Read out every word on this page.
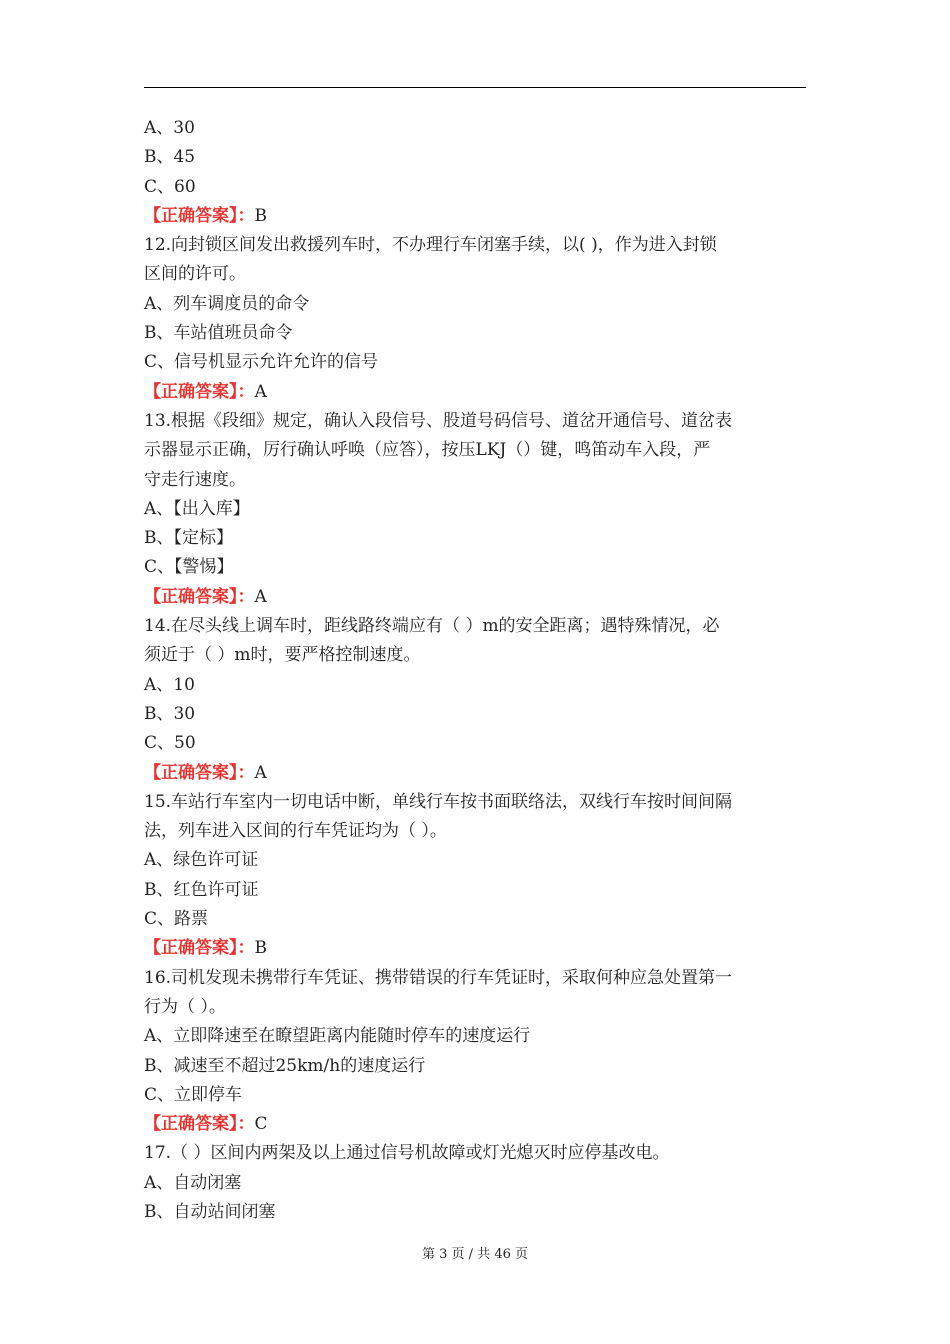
A、30
B、45
C、60
【正确答案】：B
12.向封锁区间发出救援列车时，不办理行车闭塞手续，以( )，作为进入封锁
区间的许可。
A、列车调度员的命令
B、车站值班员命令
C、信号机显示允许允许的信号
【正确答案】：A
13.根据《段细》规定，确认入段信号、股道号码信号、道岔开通信号、道岔表
示器显示正确，厉行确认呼唤（应答），按压LKJ（）键，鸣笛动车入段，严
守走行速度。
A、【出入库】
B、【定标】
C、【警惕】
【正确答案】：A
14.在尽头线上调车时，距线路终端应有（ ）m的安全距离；遇特殊情况，必
须近于（ ）m时，要严格控制速度。
A、10
B、30
C、50
【正确答案】：A
15.车站行车室内一切电话中断，单线行车按书面联络法，双线行车按时间间隔
法，列车进入区间的行车凭证均为（ ）。
A、绿色许可证
B、红色许可证
C、路票
【正确答案】：B
16.司机发现未携带行车凭证、携带错误的行车凭证时，采取何种应急处置第一
行为（ ）。
A、立即降速至在瞭望距离内能随时停车的速度运行
B、减速至不超过25km/h的速度运行
C、立即停车
【正确答案】：C
17.（ ）区间内两架及以上通过信号机故障或灯光熄灭时应停基改电。
A、自动闭塞
B、自动站间闭塞
第 3 页 / 共 46 页
